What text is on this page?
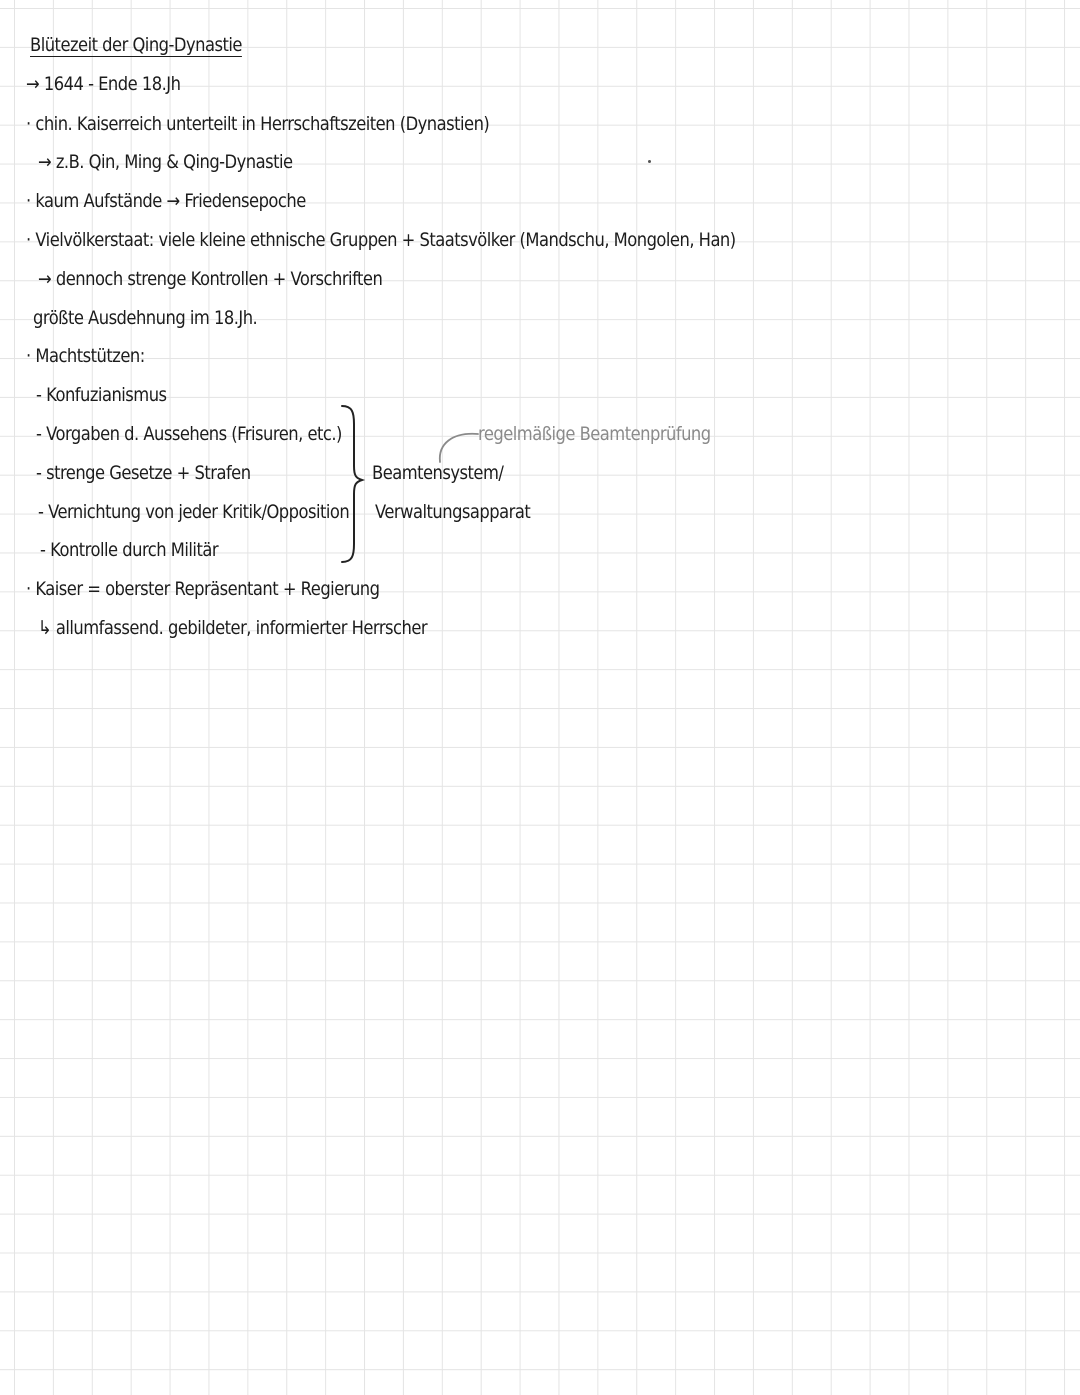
Blütezeit der Qing-Dynastie
→ 1644 - Ende 18.Jh
· chin. Kaiserreich unterteilt in Herrschaftszeiten (Dynastien)
→ z.B. Qin, Ming & Qing-Dynastie
· kaum Aufstände → Friedensepoche
· Vielvölkerstaat: viele kleine ethnische Gruppen + Staatsvölker (Mandschu, Mongolen, Han)
→ dennoch strenge Kontrollen + Vorschriften
größte Ausdehnung im 18.Jh.
· Machtstützen:
- Konfuzianismus
- Vorgaben d. Aussehens (Frisuren, etc.)
- strenge Gesetze + Strafen
- Vernichtung von jeder Kritik/Opposition
- Kontrolle durch Militär
· Kaiser = oberster Repräsentant + Regierung
↳ allumfassend. gebildeter, informierter Herrscher
Beamtensystem/
Verwaltungsapparat
regelmäßige Beamtenprüfung
